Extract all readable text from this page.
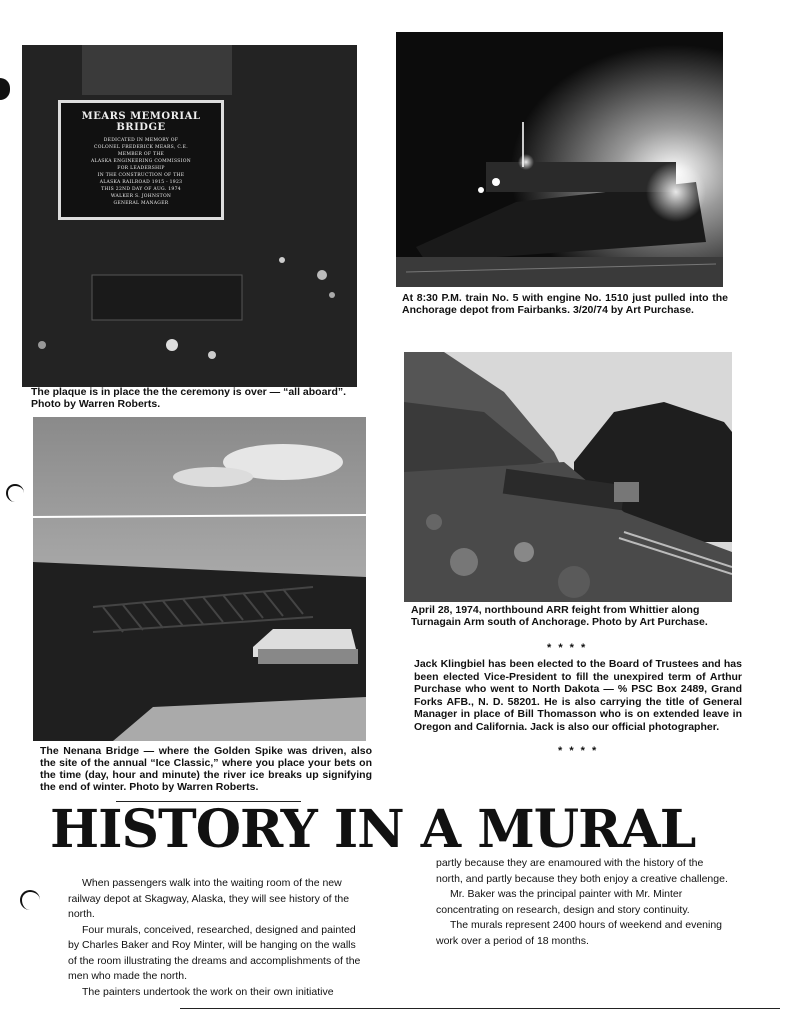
MEARS MEMORIAL BRIDGE
DEDICATED IN MEMORY OF
COLONEL FREDERICK MEARS, C.E.
MEMBER OF THE
ALASKA ENGINEERING COMMISSION
FOR LEADERSHIP
IN THE CONSTRUCTION OF THE
ALASKA RAILROAD 1915 - 1923
THIS 22ND DAY OF AUG. 1974
WALKER S. JOHNSTON
GENERAL MANAGER
The plaque is in place the the ceremony is over — “all aboard”. Photo by Warren Roberts.
At 8:30 P.M. train No. 5 with engine No. 1510 just pulled into the Anchorage depot from Fairbanks. 3/20/74 by Art Purchase.
The Nenana Bridge — where the Golden Spike was driven, also the site of the annual “Ice Classic,” where you place your bets on the time (day, hour and minute) the river ice breaks up signifying the end of winter. Photo by Warren Roberts.
April 28, 1974, northbound ARR feight from Whittier along Turnagain Arm south of Anchorage. Photo by Art Purchase.
* * * *
Jack Klingbiel has been elected to the Board of Trustees and has been elected Vice-President to fill the unexpired term of Arthur Purchase who went to North Dakota — % PSC Box 2489, Grand Forks AFB., N. D. 58201. He is also carrying the title of General Manager in place of Bill Thomasson who is on extended leave in Oregon and California. Jack is also our official photographer.
* * * *
HISTORY IN A MURAL

When passengers walk into the waiting room of the new railway depot at Skagway, Alaska, they will see history of the north.

Four murals, conceived, researched, designed and painted by Charles Baker and Roy Minter, will be hanging on the walls of the room illustrating the dreams and accomplishments of the men who made the north.

The painters undertook the work on their own initiative

partly because they are enamoured with the history of the north, and partly because they both enjoy a creative challenge.

Mr. Baker was the principal painter with Mr. Minter concentrating on research, design and story continuity.

The murals represent 2400 hours of weekend and evening work over a period of 18 months.
